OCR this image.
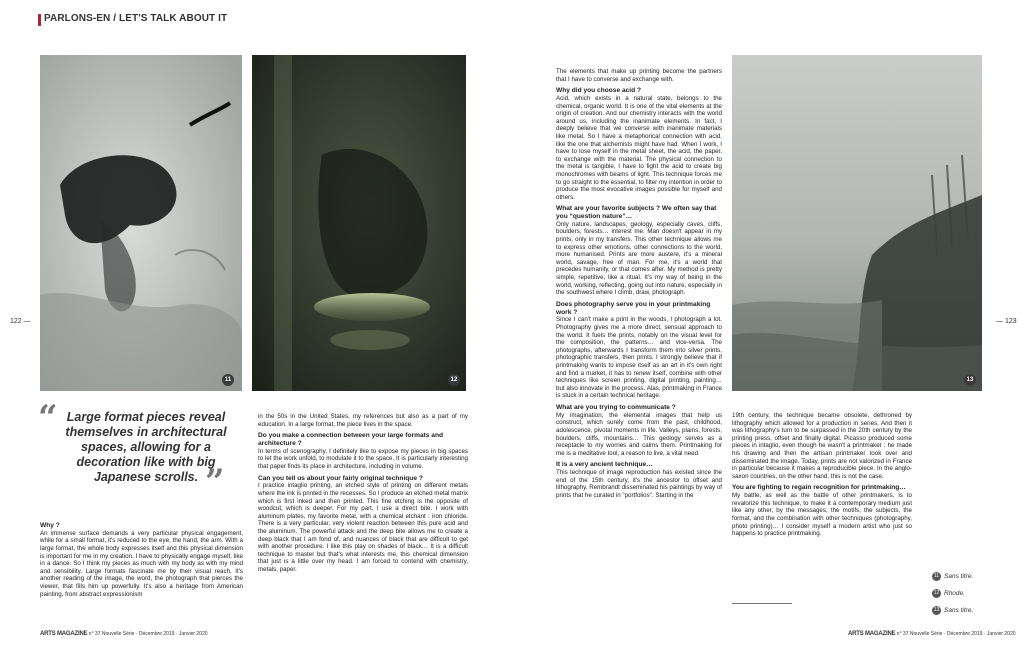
PARLONS-EN / LET'S TALK ABOUT IT
122 —	— 123
11	12	13
“ Large format pieces reveal themselves in architectural spaces, allowing for a decoration like with big Japanese scrolls. ”

Why ?

An immense surface demands a very particular physical engagement, while for a small format, it's reduced to the eye, the hand, the arm. With a large format, the whole body expresses itself and this physical dimension is important for me in my creation. I have to physically engage myself, like in a dance. So I think my pieces as much with my body as with my mind and sensibility. Large formats fascinate me by their visual reach. It's another reading of the image, the word, the photograph that pierces the viewer, that fills him up powerfully. It's also a heritage from American painting, from abstract expressionism

in the 50s in the United States, my references but also as a part of my education. In a large format, the piece lives in the space.

Do you make a connection between your large formats and architecture ?

In terms of scenography, I definitely like to expose my pieces in big spaces to let the work unfold, to modulate it to the space. It is particularly interesting that paper finds its place in architecture, including in volume.

Can you tell us about your fairly original technique ?

I practice intaglio printing, an etched style of printing on different metals where the ink is printed in the recesses. So I produce an etched metal matrix which is first inked and then printed. This fine etching is the opposite of woodcut, which is deeper. For my part, I use a direct bite. I work with aluminum plates, my favorite metal, with a chemical etchant : iron chloride. There is a very particular, very violent reaction between this pure acid and the aluminum. The powerful attack and the deep bite allows me to create a deep black that I am fond of, and nuances of black that are difficult to get with another procedure. I like this play on shades of black… It is a difficult technique to master but that's what interests me, this chemical dimension that just is a little over my head. I am forced to contend with chemistry, metals, paper.

The elements that make up printing become the partners that I have to converse and exchange with.

Why did you choose acid ?

Acid, which exists in a natural state, belongs to the chemical, organic world. It is one of the vital elements at the origin of creation. And our chemistry interacts with the world around us, including the inanimate elements. In fact, I deeply believe that we converse with inanimate materials like metal. So I have a metaphorical connection with acid, like the one that alchemists might have had. When I work, I have to lose myself in the metal sheet, the acid, the paper, to exchange with the material. The physical connection to the metal is tangible, I have to fight the acid to create big monochromes with beams of light. This technique forces me to go straight to the essential, to filter my intention in order to produce the most evocative images possible for myself and others.

What are your favorite subjects ? We often say that you “question nature”…

Only nature, landscapes, geology, especially caves, cliffs, boulders, forests… interest me. Man doesn't appear in my prints, only in my transfers. This other technique allows me to express other emotions, other connections to the world, more humanised. Prints are more austere, it's a mineral world, savage, free of man. For me, it's a world that precedes humanity, or that comes after. My method is pretty simple, repetitive, like a ritual. It's my way of being in the world, working, reflecting, going out into nature, especially in the southwest where I climb, draw, photograph.

Does photography serve you in your printmaking work ?

Since I can't make a print in the woods, I photograph a lot. Photography gives me a more direct, sensual approach to the world. It fuels the prints, notably on the visual level for the composition, the patterns… and vice-versa. The photographs, afterwards I transform them into silver prints, photographic transfers, then prints. I strongly believe that if printmaking wants to impose itself as an art in it's own right and find a market, it has to renew itself, combine with other techniques like screen printing, digital printing, painting… but also innovate in the process. Alas, printmaking in France is stuck in a certain technical heritage.

What are you trying to communicate ?

My imagination, the elemental images that help us construct, which surely come from the past, childhood, adolescence, pivotal moments in life. Valleys, plains, forests, boulders, cliffs, mountains… This geology serves as a receptacle to my worries and calms them. Printmaking for me is a meditative tool, a reason to live, a vital need.

It is a very ancient technique…

This technique of image reproduction has existed since the end of the 15th century, it's the ancestor to offset and lithography. Rembrandt disseminated his paintings by way of prints that he curated in "portfolios". Starting in the

19th century, the technique became obsolete, dethroned by lithography which allowed for a production in series. And then it was lithography's turn to be surpassed in the 20th century by the printing press, offset and finally digital. Picasso produced some pieces in intaglio, even though he wasn't a printmaker : he made his drawing and then the artisan printmaker took over and disseminated the image. Today, prints are not valorized in France in particular because it makes a reproducible piece. In the anglo-saxon countries, on the other hand, this is not the case.

You are fighting to regain recognition for printmaking…

My battle, as well as the battle of other printmakers, is to revalorize this technique, to make it a contemporary medium just like any other, by the messages, the motifs, the subjects, the format, and the combination with other techniques (photography, photo printing)… I consider myself a modern artist who just so happens to practice printmaking.

11 Sans titre.
12 Rhode.
13 Sans titre.
ARTS MAGAZINE n° 37 Nouvelle Série · Décembre 2019 · Janvier 2020	ARTS MAGAZINE n° 37 Nouvelle Série · Décembre 2019 · Janvier 2020
